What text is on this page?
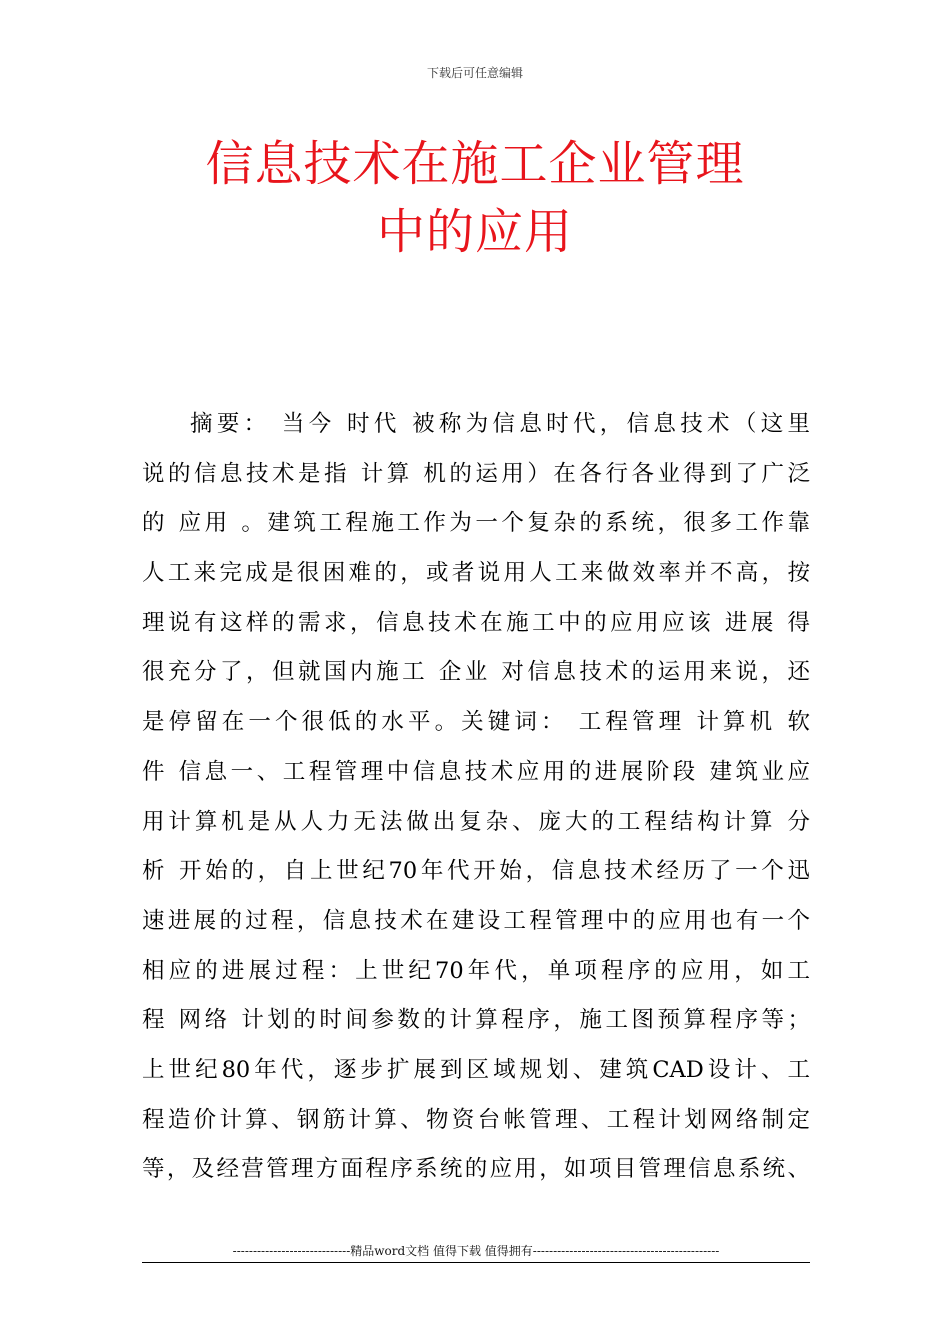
下载后可任意编辑
信息技术在施工企业管理
中的应用
摘要： 当今 时代 被称为信息时代，信息技术（这里
说的信息技术是指 计算 机的运用）在各行各业得到了广泛
的 应用 。建筑工程施工作为一个复杂的系统，很多工作靠
人工来完成是很困难的，或者说用人工来做效率并不高，按
理说有这样的需求，信息技术在施工中的应用应该 进展 得
很充分了，但就国内施工 企业 对信息技术的运用来说，还
是停留在一个很低的水平。关键词： 工程管理 计算机 软
件 信息一、工程管理中信息技术应用的进展阶段 建筑业应
用计算机是从人力无法做出复杂、庞大的工程结构计算 分
析 开始的，自上世纪70年代开始，信息技术经历了一个迅
速进展的过程，信息技术在建设工程管理中的应用也有一个
相应的进展过程：上世纪70年代，单项程序的应用，如工
程 网络 计划的时间参数的计算程序，施工图预算程序等；
上世纪80年代，逐步扩展到区域规划、建筑CAD设计、工
程造价计算、钢筋计算、物资台帐管理、工程计划网络制定
等，及经营管理方面程序系统的应用，如项目管理信息系统、
-----------------------------精品word文档 值得下载 值得拥有----------------------------------------------
